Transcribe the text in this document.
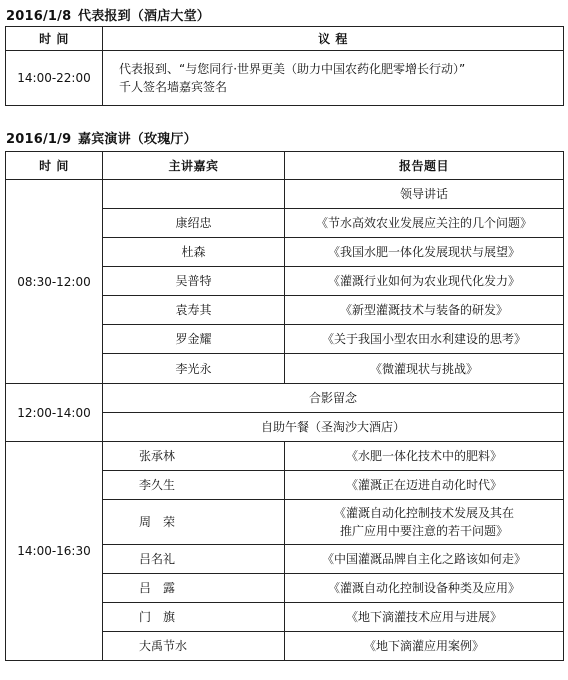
2016/1/8 代表报到（酒店大堂）
时 间	议 程
14:00-22:00	代表报到、“与您同行·世界更美（助力中国农药化肥零增长行动）”
千人签名墙嘉宾签名
2016/1/9 嘉宾演讲（玫瑰厅）
时 间	主讲嘉宾	报告题目
08:30-12:00		领导讲话
	康绍忠	《节水高效农业发展应关注的几个问题》
	杜森	《我国水肥一体化发展现状与展望》
	吴普特	《灌溉行业如何为农业现代化发力》
	袁寿其	《新型灌溉技术与装备的研发》
	罗金耀	《关于我国小型农田水利建设的思考》
	李光永	《微灌现状与挑战》
12:00-14:00	合影留念	
	自助午餐（圣淘沙大酒店）	
14:00-16:30	张承林	《水肥一体化技术中的肥料》
	李久生	《灌溉正在迈进自动化时代》
	周　荣	《灌溉自动化控制技术发展及其在
推广应用中要注意的若干问题》

	吕名礼	《中国灌溉品牌自主化之路该如何走》
	吕　露	《灌溉自动化控制设备种类及应用》
	门　旗	《地下滴灌技术应用与进展》
	大禹节水	《地下滴灌应用案例》
